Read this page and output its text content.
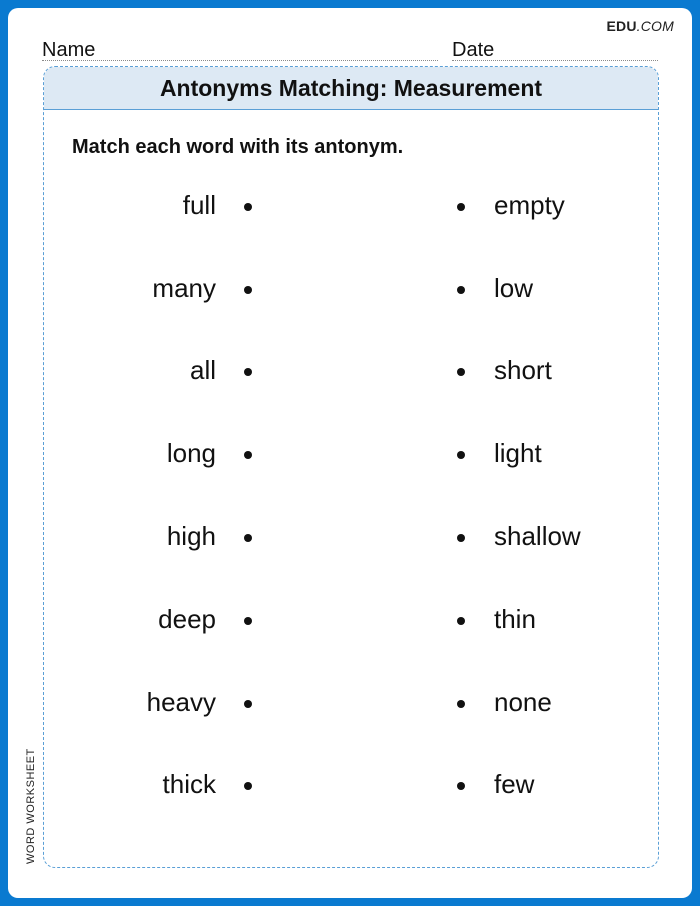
EDU.COM
Name	Date
Antonyms Matching: Measurement
Match each word with its antonym.
full	empty
many	low
all	short
long	light
high	shallow
deep	thin
heavy	none
thick	few
WORD WORKSHEET
